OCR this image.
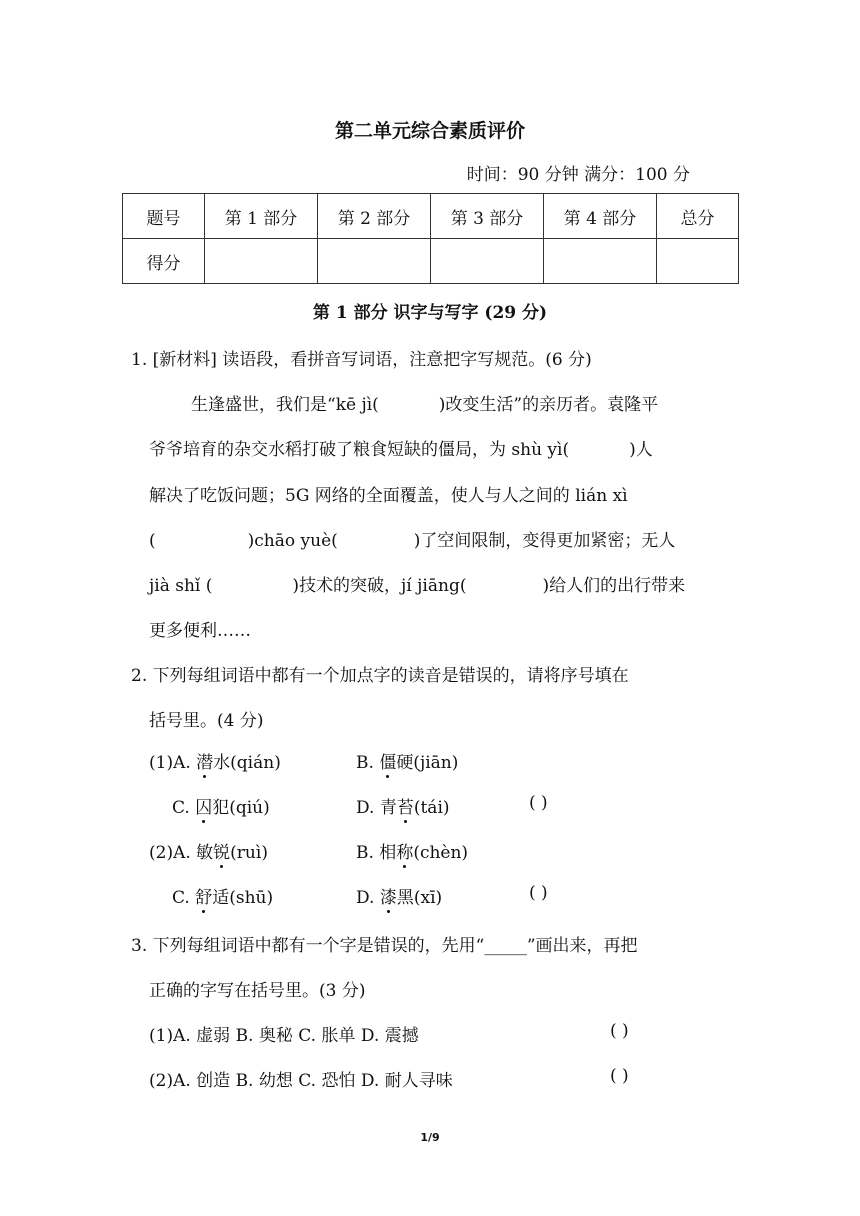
第二单元综合素质评价
时间：90 分钟 满分：100 分
题号	第 1 部分	第 2 部分	第 3 部分	第 4 部分	总分
得分					
第 1 部分 识字与写字 (29 分)
1. [新材料] 读语段，看拼音写词语，注意把字写规范。(6 分)
生逢盛世，我们是“kē jì(	)改变生活”的亲历者。袁隆平
爷爷培育的杂交水稻打破了粮食短缺的僵局，为 shù yì(	)人
解决了吃饭问题；5G 网络的全面覆盖，使人与人之间的 lián xì
(	)chāo yuè(	)了空间限制，变得更加紧密；无人
jià shǐ (	)技术的突破，jí jiāng(	)给人们的出行带来
更多便利……
2. 下列每组词语中都有一个加点字的读音是错误的，请将序号填在
括号里。(4 分)
(1)A. 潜水(qián)	B. 僵硬(jiān)
C. 囚犯(qiú)	D. 青苔(tái)	( )
(2)A. 敏锐(ruì)	B. 相称(chèn)
C. 舒适(shū)	D. 漆黑(xī)	( )
3. 下列每组词语中都有一个字是错误的，先用“_____”画出来，再把
正确的字写在括号里。(3 分)
(1)A. 虚弱 B. 奥秘 C. 胀单 D. 震撼	( )
(2)A. 创造 B. 幼想 C. 恐怕 D. 耐人寻味	( )
1/9
